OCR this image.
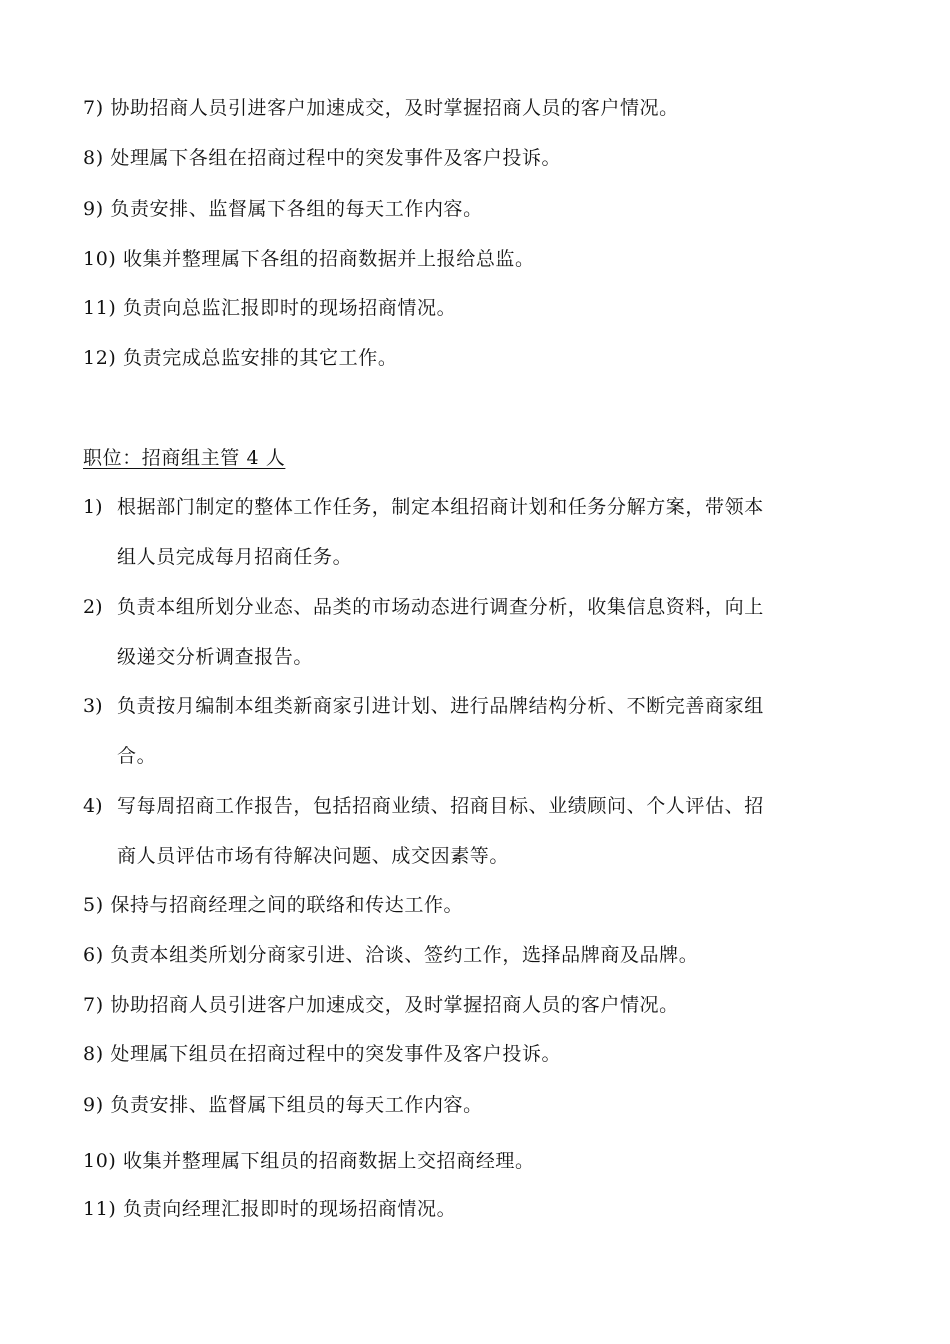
7) 协助招商人员引进客户加速成交，及时掌握招商人员的客户情况。
8) 处理属下各组在招商过程中的突发事件及客户投诉。
9) 负责安排、监督属下各组的每天工作内容。
10) 收集并整理属下各组的招商数据并上报给总监。
11) 负责向总监汇报即时的现场招商情况。
12) 负责完成总监安排的其它工作。
职位：招商组主管 4 人
1) 根据部门制定的整体工作任务，制定本组招商计划和任务分解方案，带领本
组人员完成每月招商任务。
2) 负责本组所划分业态、品类的市场动态进行调查分析，收集信息资料，向上
级递交分析调查报告。
3) 负责按月编制本组类新商家引进计划、进行品牌结构分析、不断完善商家组
合。
4) 写每周招商工作报告，包括招商业绩、招商目标、业绩顾问、个人评估、招
商人员评估市场有待解决问题、成交因素等。
5) 保持与招商经理之间的联络和传达工作。
6) 负责本组类所划分商家引进、洽谈、签约工作，选择品牌商及品牌。
7) 协助招商人员引进客户加速成交，及时掌握招商人员的客户情况。
8) 处理属下组员在招商过程中的突发事件及客户投诉。
9) 负责安排、监督属下组员的每天工作内容。
10) 收集并整理属下组员的招商数据上交招商经理。
11) 负责向经理汇报即时的现场招商情况。
